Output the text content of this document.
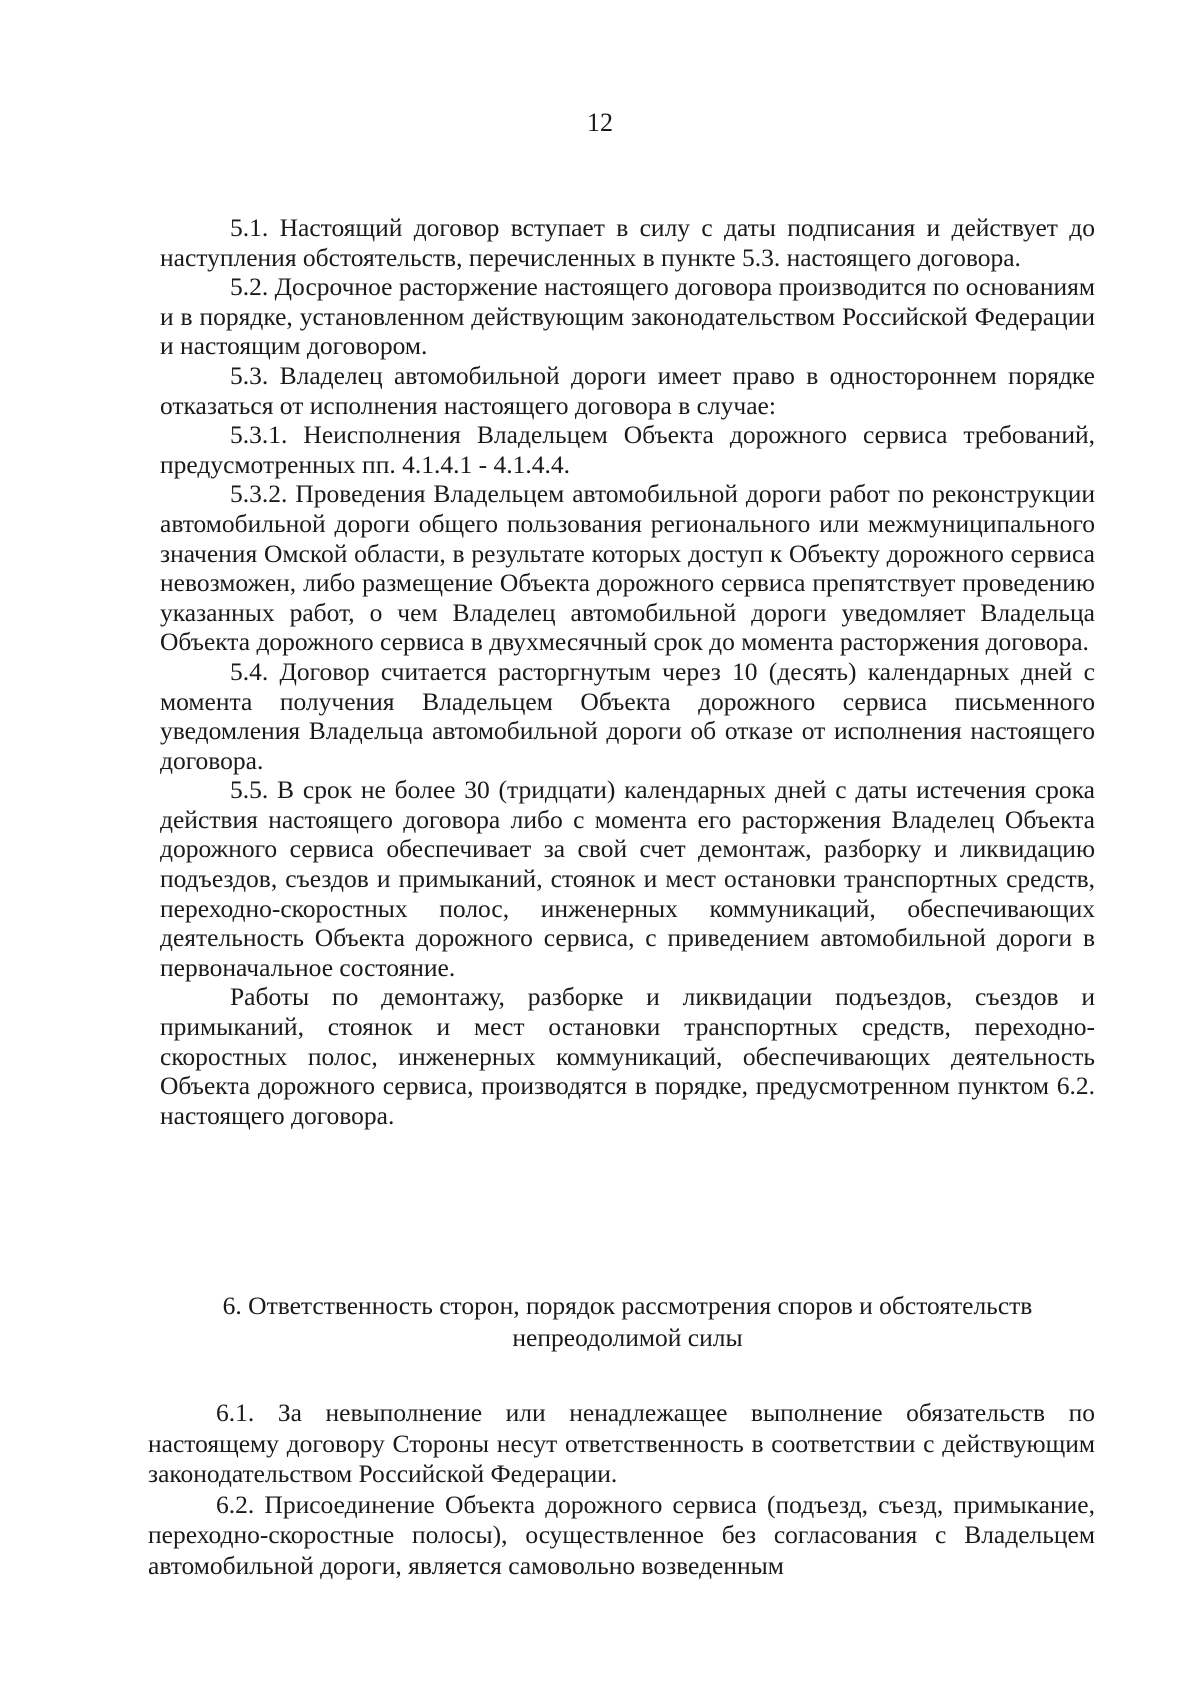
12

5.1. Настоящий договор вступает в силу с даты подписания и действует до наступления обстоятельств, перечисленных в пункте 5.3. настоящего договора.

5.2. Досрочное расторжение настоящего договора производится по основаниям и в порядке, установленном действующим законодательством Российской Федерации и настоящим договором.

5.3. Владелец автомобильной дороги имеет право в одностороннем порядке отказаться от исполнения настоящего договора в случае:

5.3.1. Неисполнения Владельцем Объекта дорожного сервиса требований, предусмотренных пп. 4.1.4.1 - 4.1.4.4.

5.3.2. Проведения Владельцем автомобильной дороги работ по реконструкции автомобильной дороги общего пользования регионального или межмуниципального значения Омской области, в результате которых доступ к Объекту дорожного сервиса невозможен, либо размещение Объекта дорожного сервиса препятствует проведению указанных работ, о чем Владелец автомобильной дороги уведомляет Владельца Объекта дорожного сервиса в двухмесячный срок до момента расторжения договора.

5.4. Договор считается расторгнутым через 10 (десять) календарных дней с момента получения Владельцем Объекта дорожного сервиса письменного уведомления Владельца автомобильной дороги об отказе от исполнения настоящего договора.

5.5. В срок не более 30 (тридцати) календарных дней с даты истечения срока действия настоящего договора либо с момента его расторжения Владелец Объекта дорожного сервиса обеспечивает за свой счет демонтаж, разборку и ликвидацию подъездов, съездов и примыканий, стоянок и мест остановки транспортных средств, переходно-скоростных полос, инженерных коммуникаций, обеспечивающих деятельность Объекта дорожного сервиса, с приведением автомобильной дороги в первоначальное состояние.

Работы по демонтажу, разборке и ликвидации подъездов, съездов и примыканий, стоянок и мест остановки транспортных средств, переходно-скоростных полос, инженерных коммуникаций, обеспечивающих деятельность Объекта дорожного сервиса, производятся в порядке, предусмотренном пунктом 6.2. настоящего договора.

6. Ответственность сторон, порядок рассмотрения споров и обстоятельств

непреодолимой силы

6.1. За невыполнение или ненадлежащее выполнение обязательств по настоящему договору Стороны несут ответственность в соответствии с действующим законодательством Российской Федерации.

6.2. Присоединение Объекта дорожного сервиса (подъезд, съезд, примыкание, переходно-скоростные полосы), осуществленное без согласования с Владельцем автомобильной дороги, является самовольно возведенным
